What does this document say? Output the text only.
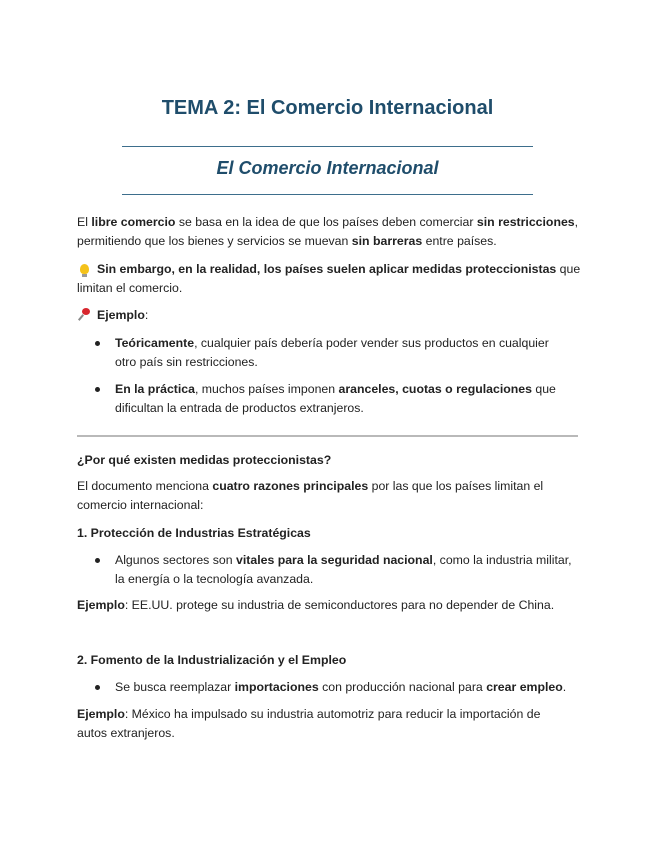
TEMA 2: El Comercio Internacional
El Comercio Internacional
El libre comercio se basa en la idea de que los países deben comerciar sin restricciones,
permitiendo que los bienes y servicios se muevan sin barreras entre países.
Sin embargo, en la realidad, los países suelen aplicar medidas proteccionistas que
limitan el comercio.
Ejemplo:
Teóricamente, cualquier país debería poder vender sus productos en cualquier
otro país sin restricciones.
En la práctica, muchos países imponen aranceles, cuotas o regulaciones que
dificultan la entrada de productos extranjeros.
¿Por qué existen medidas proteccionistas?
El documento menciona cuatro razones principales por las que los países limitan el
comercio internacional:
1. Protección de Industrias Estratégicas
Algunos sectores son vitales para la seguridad nacional, como la industria militar,
la energía o la tecnología avanzada.
Ejemplo: EE.UU. protege su industria de semiconductores para no depender de China.
2. Fomento de la Industrialización y el Empleo
Se busca reemplazar importaciones con producción nacional para crear empleo.
Ejemplo: México ha impulsado su industria automotriz para reducir la importación de
autos extranjeros.
